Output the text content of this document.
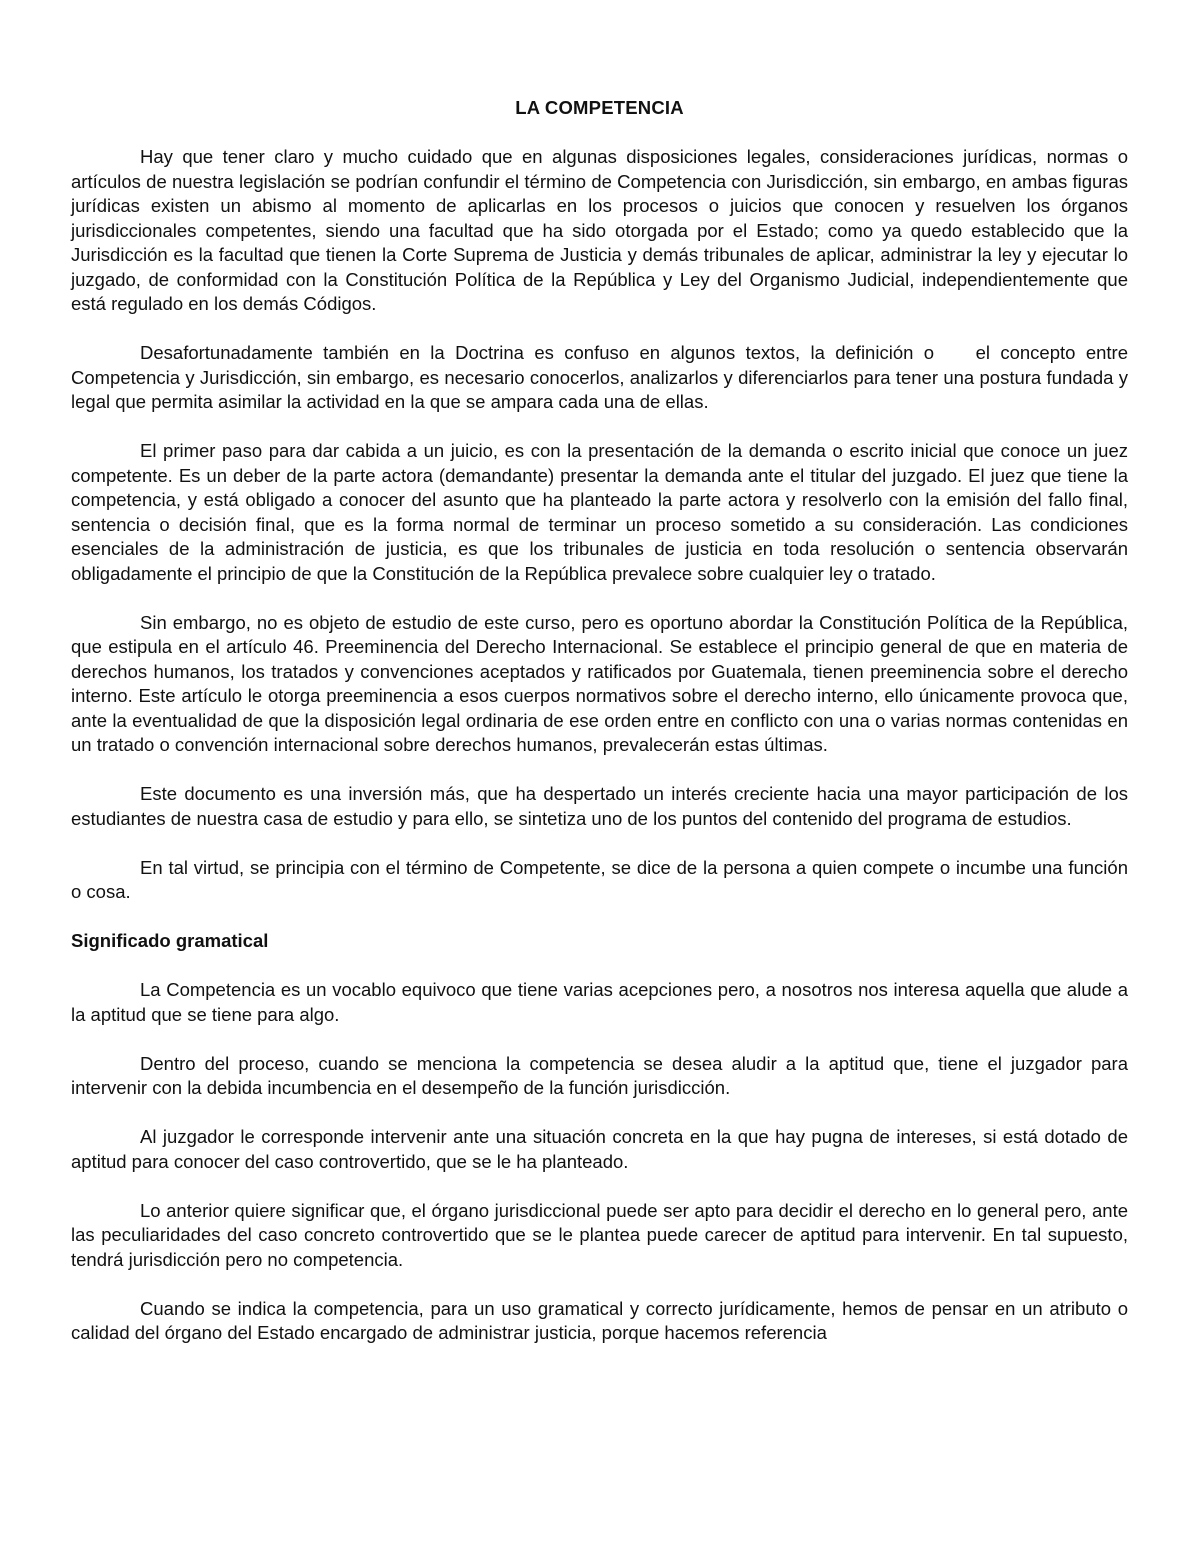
LA COMPETENCIA

Hay que tener claro y mucho cuidado que en algunas disposiciones legales, consideraciones jurídicas, normas o artículos de nuestra legislación se podrían confundir el término de Competencia con Jurisdicción, sin embargo, en ambas figuras jurídicas existen un abismo al momento de aplicarlas en los procesos o juicios que conocen y resuelven los órganos jurisdiccionales competentes, siendo una facultad que ha sido otorgada por el Estado; como ya quedo establecido que la Jurisdicción es la facultad que tienen la Corte Suprema de Justicia y demás tribunales de aplicar, administrar la ley y ejecutar lo juzgado, de conformidad con la Constitución Política de la República y Ley del Organismo Judicial, independientemente que está regulado en los demás Códigos.

Desafortunadamente también en la Doctrina es confuso en algunos textos, la definición o    el concepto entre Competencia y Jurisdicción, sin embargo, es necesario conocerlos, analizarlos y diferenciarlos para tener una postura fundada y legal que permita asimilar la actividad en la que se ampara cada una de ellas.

El primer paso para dar cabida a un juicio, es con la presentación de la demanda o escrito inicial que conoce un juez competente. Es un deber de la parte actora (demandante) presentar la demanda ante el titular del juzgado. El juez que tiene la competencia, y está obligado a conocer del asunto que ha planteado la parte actora y resolverlo con la emisión del fallo final, sentencia o decisión final, que es la forma normal de terminar un proceso sometido a su consideración. Las condiciones esenciales de la administración de justicia, es que los tribunales de justicia en toda resolución o sentencia observarán obligadamente el principio de que la Constitución de la República prevalece sobre cualquier ley o tratado.

Sin embargo, no es objeto de estudio de este curso, pero es oportuno abordar la Constitución Política de la República, que estipula en el artículo 46. Preeminencia del Derecho Internacional. Se establece el principio general de que en materia de derechos humanos, los tratados y convenciones aceptados y ratificados por Guatemala, tienen preeminencia sobre el derecho interno. Este artículo le otorga preeminencia a esos cuerpos normativos sobre el derecho interno, ello únicamente provoca que, ante la eventualidad de que la disposición legal ordinaria de ese orden entre en conflicto con una o varias normas contenidas en un tratado o convención internacional sobre derechos humanos, prevalecerán estas últimas.

Este documento es una inversión más, que ha despertado un interés creciente hacia una mayor participación de los estudiantes de nuestra casa de estudio y para ello, se sintetiza uno de los puntos del contenido del programa de estudios.

En tal virtud, se principia con el término de Competente, se dice de la persona a quien compete o incumbe una función o cosa.

Significado gramatical

La Competencia es un vocablo equivoco que tiene varias acepciones pero, a nosotros nos interesa aquella que alude a la aptitud que se tiene para algo.

Dentro del proceso, cuando se menciona la competencia se desea aludir a la aptitud que, tiene el juzgador para intervenir con la debida incumbencia en el desempeño de la función jurisdicción.

Al juzgador le corresponde intervenir ante una situación concreta en la que hay pugna de intereses, si está dotado de aptitud para conocer del caso controvertido, que se le ha planteado.

Lo anterior quiere significar que, el órgano jurisdiccional puede ser apto para decidir el derecho en lo general pero, ante las peculiaridades del caso concreto controvertido que se le plantea puede carecer de aptitud para intervenir. En tal supuesto, tendrá jurisdicción pero no competencia.

Cuando se indica la competencia, para un uso gramatical y correcto jurídicamente, hemos de pensar en un atributo o calidad del órgano del Estado encargado de administrar justicia, porque hacemos referencia
